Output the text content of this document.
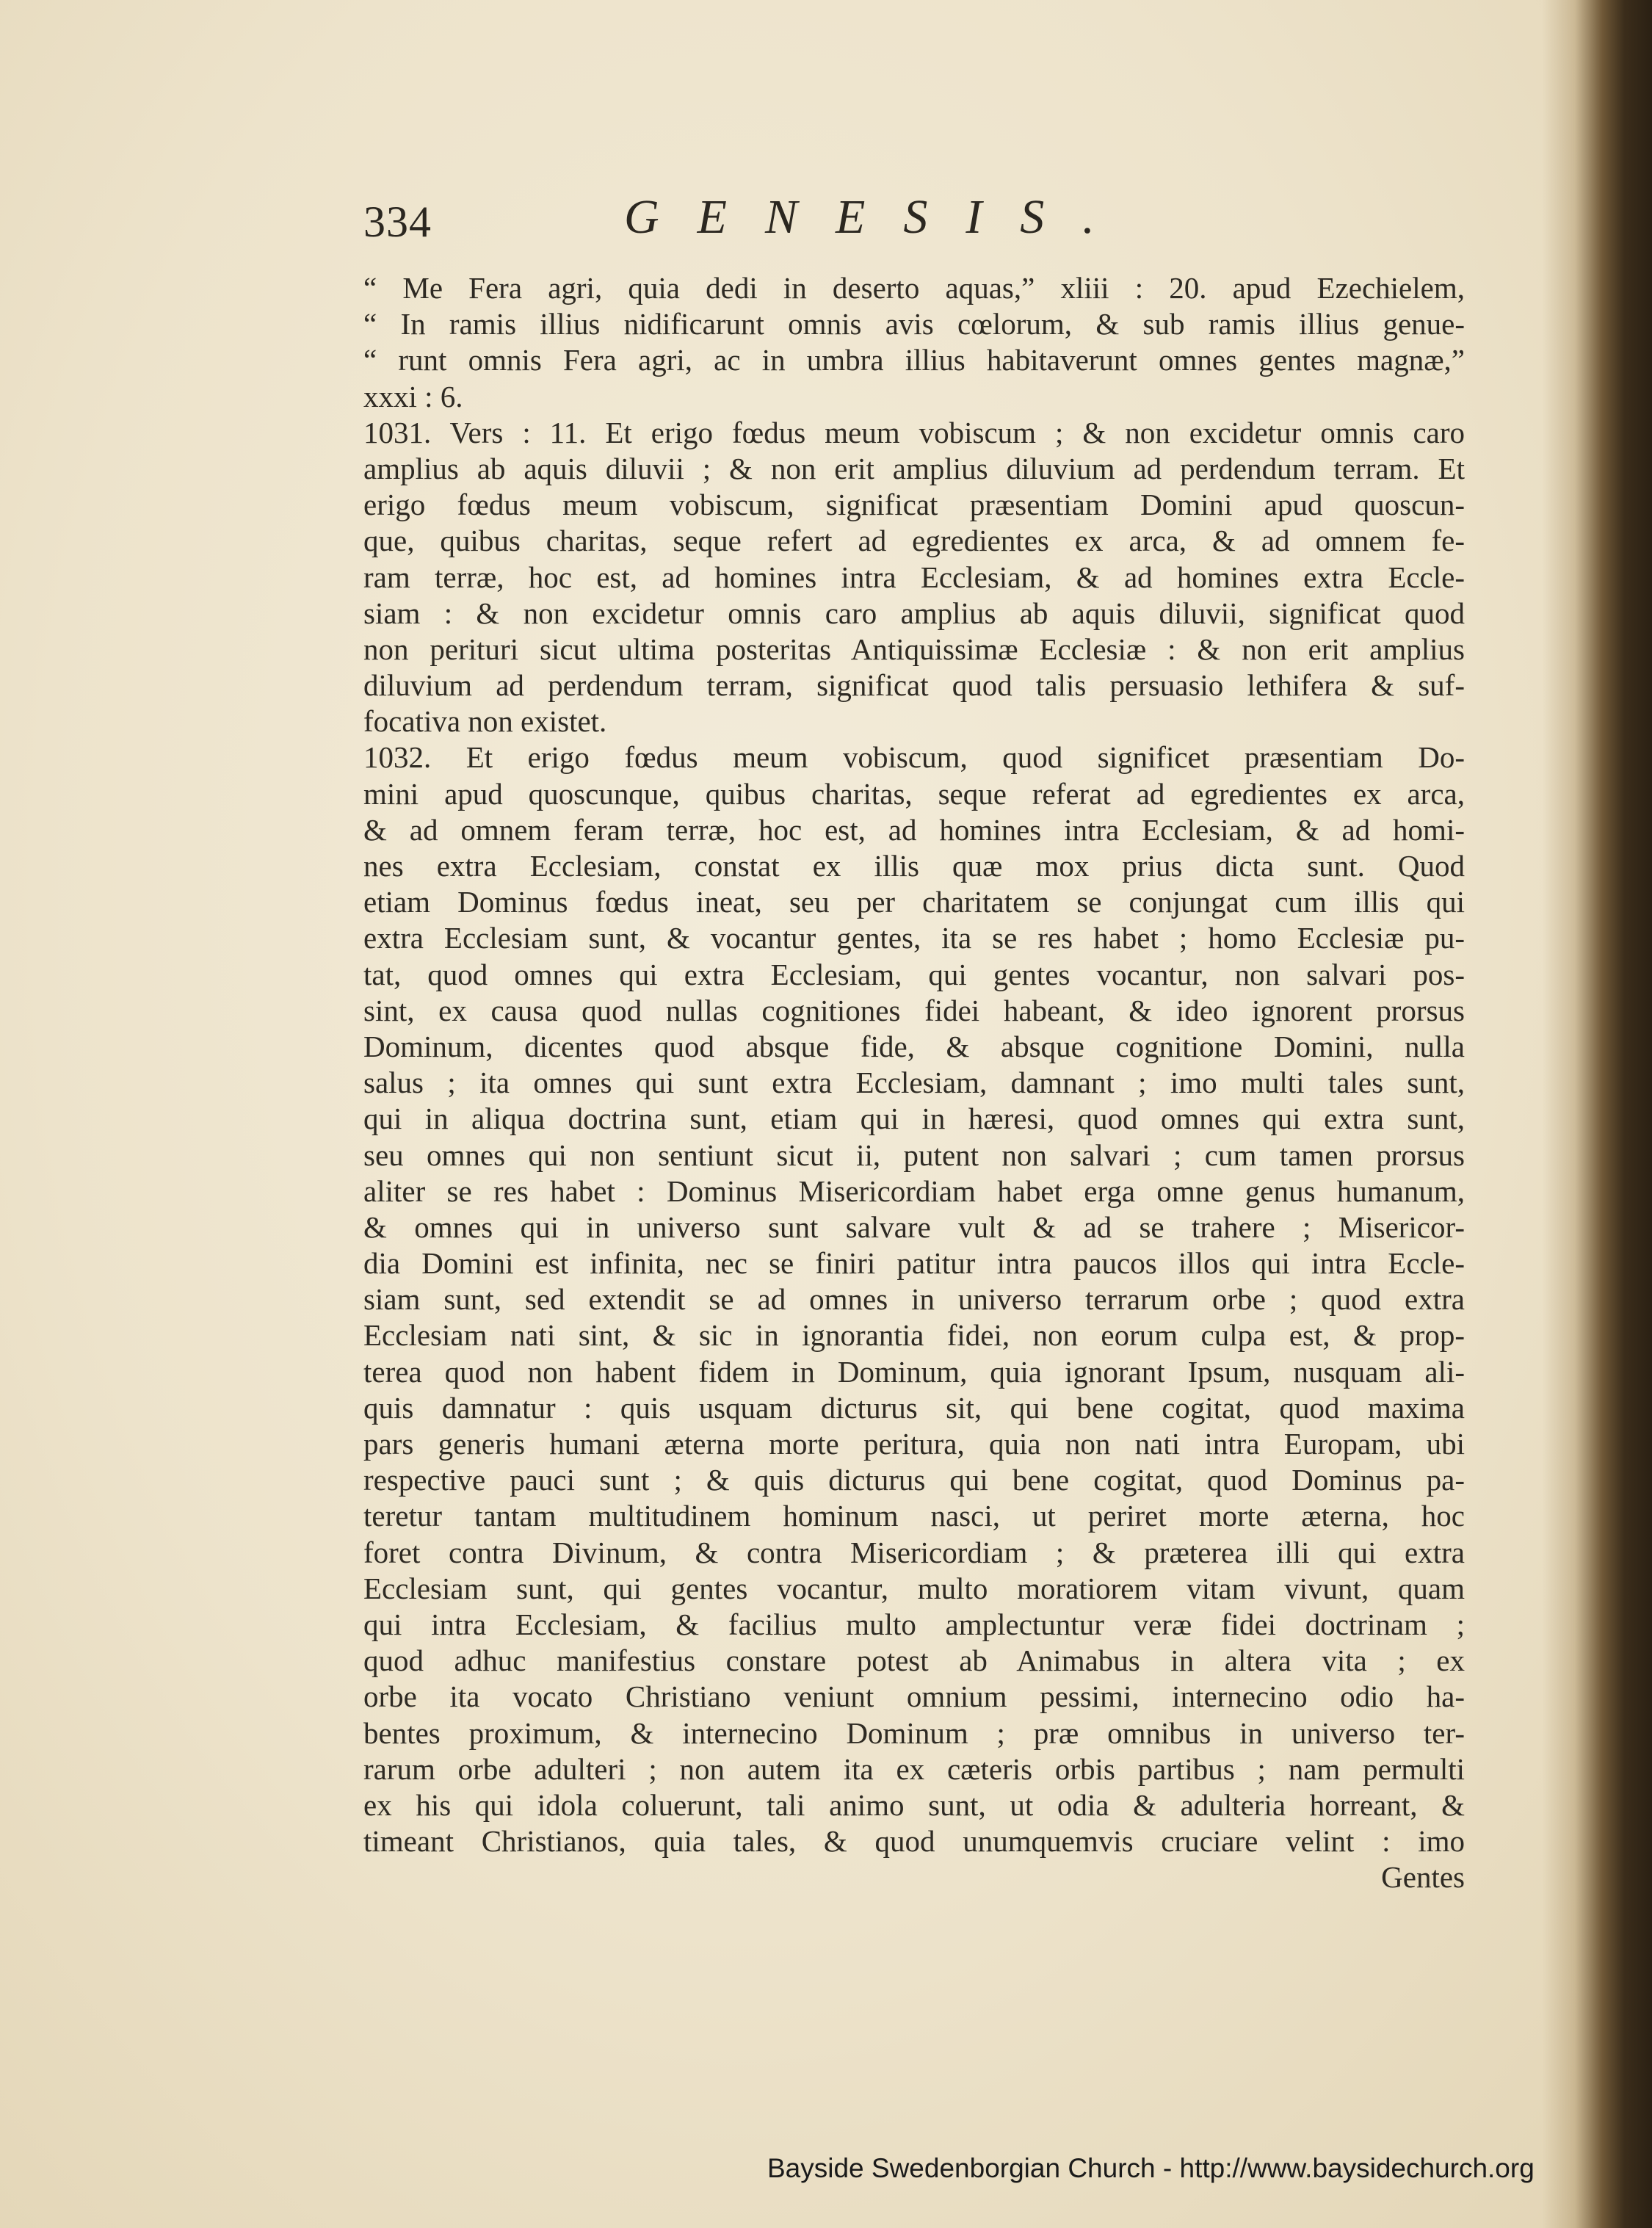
334	GENESIS.
“ Me Fera agri, quia dedi in deserto aquas,” xliii : 20. apud Ezechielem,
“ In ramis illius nidificarunt omnis avis cœlorum, & sub ramis illius genue-
“ runt omnis Fera agri, ac in umbra illius habitaverunt omnes gentes magnæ,”
xxxi : 6.
1031. Vers : 11. Et erigo fœdus meum vobiscum ; & non excidetur omnis caro
amplius ab aquis diluvii ; & non erit amplius diluvium ad perdendum terram. Et
erigo fœdus meum vobiscum, significat præsentiam Domini apud quoscun-
que, quibus charitas, seque refert ad egredientes ex arca, & ad omnem fe-
ram terræ, hoc est, ad homines intra Ecclesiam, & ad homines extra Eccle-
siam : & non excidetur omnis caro amplius ab aquis diluvii, significat quod
non perituri sicut ultima posteritas Antiquissimæ Ecclesiæ : & non erit amplius
diluvium ad perdendum terram, significat quod talis persuasio lethifera & suf-
focativa non existet.
1032. Et erigo fœdus meum vobiscum, quod significet præsentiam Do-
mini apud quoscunque, quibus charitas, seque referat ad egredientes ex arca,
& ad omnem feram terræ, hoc est, ad homines intra Ecclesiam, & ad homi-
nes extra Ecclesiam, constat ex illis quæ mox prius dicta sunt. Quod
etiam Dominus fœdus ineat, seu per charitatem se conjungat cum illis qui
extra Ecclesiam sunt, & vocantur gentes, ita se res habet ; homo Ecclesiæ pu-
tat, quod omnes qui extra Ecclesiam, qui gentes vocantur, non salvari pos-
sint, ex causa quod nullas cognitiones fidei habeant, & ideo ignorent prorsus
Dominum, dicentes quod absque fide, & absque cognitione Domini, nulla
salus ; ita omnes qui sunt extra Ecclesiam, damnant ; imo multi tales sunt,
qui in aliqua doctrina sunt, etiam qui in hæresi, quod omnes qui extra sunt,
seu omnes qui non sentiunt sicut ii, putent non salvari ; cum tamen prorsus
aliter se res habet : Dominus Misericordiam habet erga omne genus humanum,
& omnes qui in universo sunt salvare vult & ad se trahere ; Misericor-
dia Domini est infinita, nec se finiri patitur intra paucos illos qui intra Eccle-
siam sunt, sed extendit se ad omnes in universo terrarum orbe ; quod extra
Ecclesiam nati sint, & sic in ignorantia fidei, non eorum culpa est, & prop-
terea quod non habent fidem in Dominum, quia ignorant Ipsum, nusquam ali-
quis damnatur : quis usquam dicturus sit, qui bene cogitat, quod maxima
pars generis humani æterna morte peritura, quia non nati intra Europam, ubi
respective pauci sunt ; & quis dicturus qui bene cogitat, quod Dominus pa-
teretur tantam multitudinem hominum nasci, ut periret morte æterna, hoc
foret contra Divinum, & contra Misericordiam ; & præterea illi qui extra
Ecclesiam sunt, qui gentes vocantur, multo moratiorem vitam vivunt, quam
qui intra Ecclesiam, & facilius multo amplectuntur veræ fidei doctrinam ;
quod adhuc manifestius constare potest ab Animabus in altera vita ; ex
orbe ita vocato Christiano veniunt omnium pessimi, internecino odio ha-
bentes proximum, & internecino Dominum ; præ omnibus in universo ter-
rarum orbe adulteri ; non autem ita ex cæteris orbis partibus ; nam permulti
ex his qui idola coluerunt, tali animo sunt, ut odia & adulteria horreant, &
timeant Christianos, quia tales, & quod unumquemvis cruciare velint : imo
Gentes
Bayside Swedenborgian Church - http://www.baysidechurch.org
